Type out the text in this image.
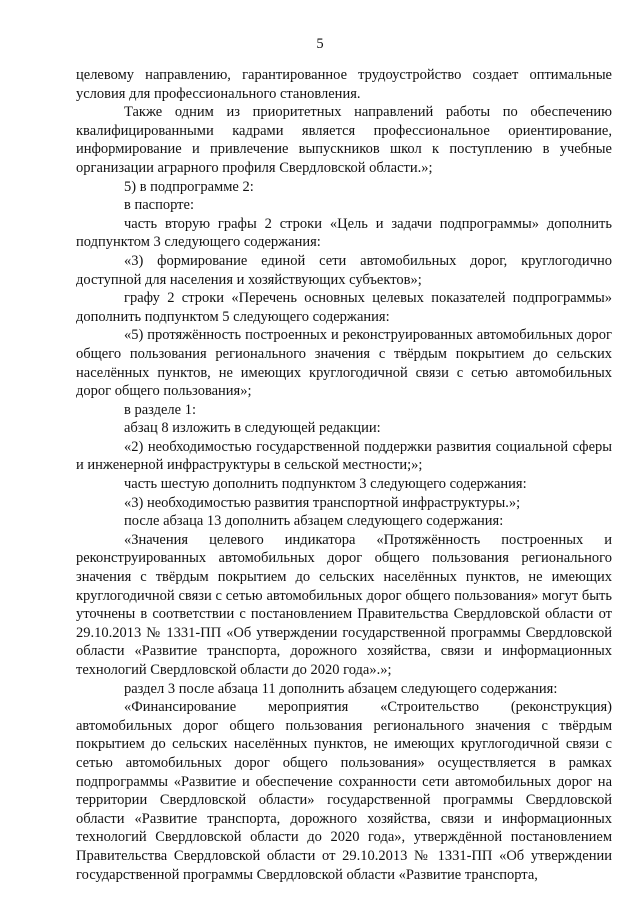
5

целевому направлению, гарантированное трудоустройство создает оптимальные условия для профессионального становления.

Также одним из приоритетных направлений работы по обеспечению квалифицированными кадрами является профессиональное ориентирование, информирование и привлечение выпускников школ к поступлению в учебные организации аграрного профиля Свердловской области.»;

5) в подпрограмме 2:

в паспорте:

часть вторую графы 2 строки «Цель и задачи подпрограммы» дополнить подпунктом 3 следующего содержания:

«3) формирование единой сети автомобильных дорог, круглогодично доступной для населения и хозяйствующих субъектов»;

графу 2 строки «Перечень основных целевых показателей подпрограммы» дополнить подпунктом 5 следующего содержания:

«5) протяжённость построенных и реконструированных автомобильных дорог общего пользования регионального значения с твёрдым покрытием до сельских населённых пунктов, не имеющих круглогодичной связи с сетью автомобильных дорог общего пользования»;

в разделе 1:

абзац 8 изложить в следующей редакции:

«2) необходимостью государственной поддержки развития социальной сферы и инженерной инфраструктуры в сельской местности;»;

часть шестую дополнить подпунктом 3 следующего содержания:

«3) необходимостью развития транспортной инфраструктуры.»;

после абзаца 13 дополнить абзацем следующего содержания:

«Значения целевого индикатора «Протяжённость построенных и реконструированных автомобильных дорог общего пользования регионального значения с твёрдым покрытием до сельских населённых пунктов, не имеющих круглогодичной связи с сетью автомобильных дорог общего пользования» могут быть уточнены в соответствии с постановлением Правительства Свердловской области от 29.10.2013 № 1331-ПП «Об утверждении государственной программы Свердловской области «Развитие транспорта, дорожного хозяйства, связи и информационных технологий Свердловской области до 2020 года».»;

раздел 3 после абзаца 11 дополнить абзацем следующего содержания:

«Финансирование мероприятия «Строительство (реконструкция) автомобильных дорог общего пользования регионального значения с твёрдым покрытием до сельских населённых пунктов, не имеющих круглогодичной связи с сетью автомобильных дорог общего пользования» осуществляется в рамках подпрограммы «Развитие и обеспечение сохранности сети автомобильных дорог на территории Свердловской области» государственной программы Свердловской области «Развитие транспорта, дорожного хозяйства, связи и информационных технологий Свердловской области до 2020 года», утверждённой постановлением Правительства Свердловской области от 29.10.2013 № 1331-ПП «Об утверждении государственной программы Свердловской области «Развитие транспорта,
